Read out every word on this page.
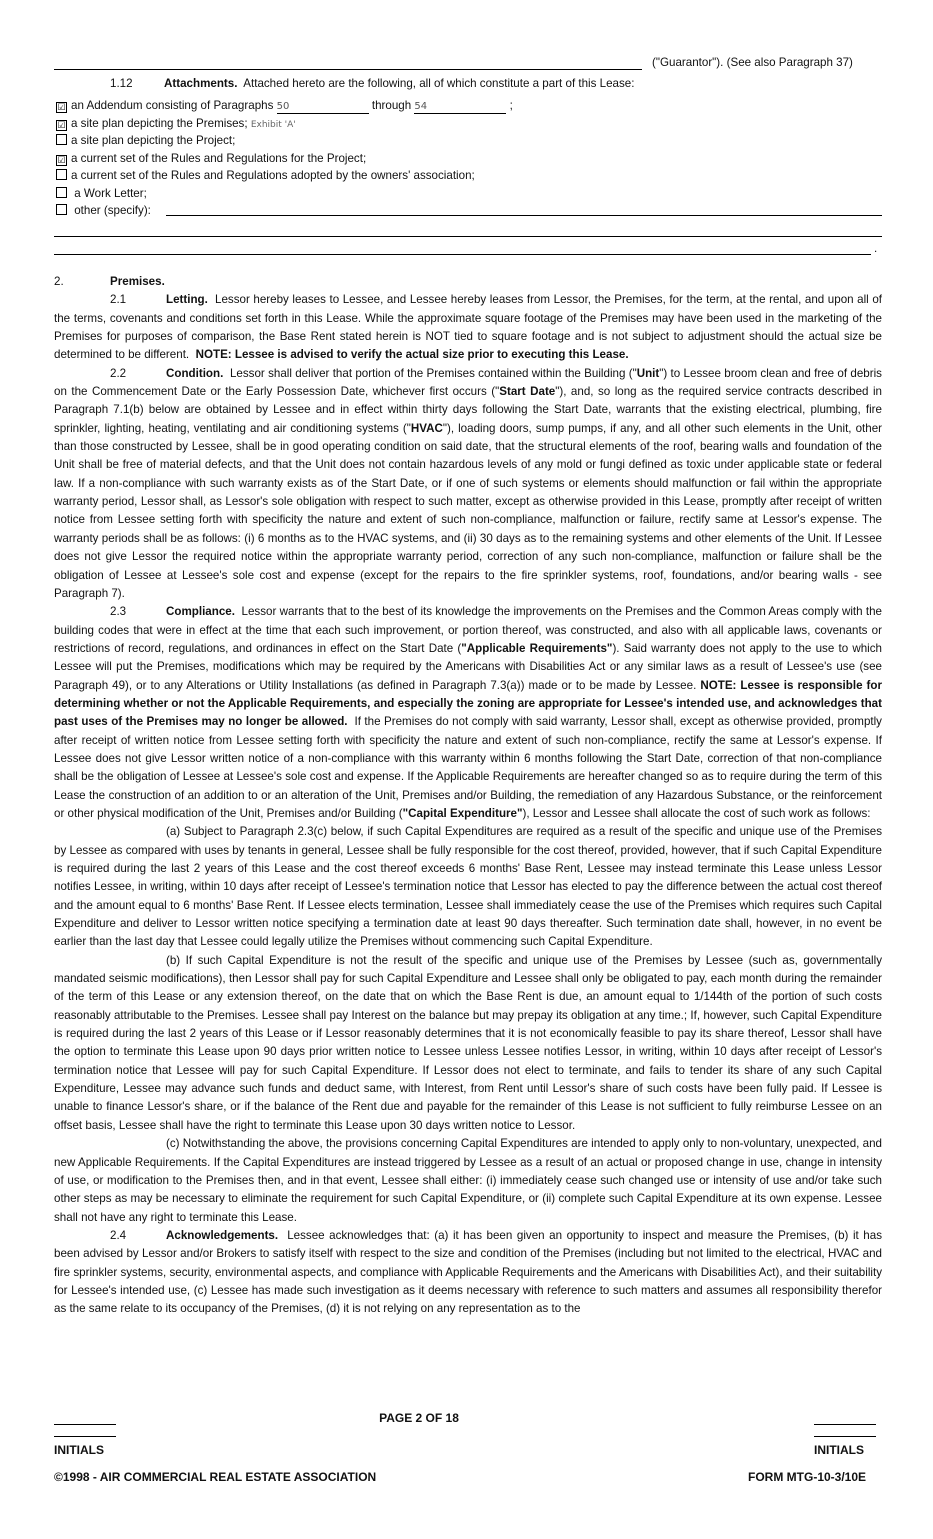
("Guarantor"). (See also Paragraph 37)
1.12	Attachments. Attached hereto are the following, all of which constitute a part of this Lease:
☑ an Addendum consisting of Paragraphs 50	through 54	;
☑ a site plan depicting the Premises; Exhibit 'A'
a site plan depicting the Project;
☑ a current set of the Rules and Regulations for the Project;
a current set of the Rules and Regulations adopted by the owners' association;
a Work Letter;
other (specify):
.

2.	Premises.

2.1	Letting. Lessor hereby leases to Lessee, and Lessee hereby leases from Lessor, the Premises, for the term, at the rental, and upon all of the terms, covenants and conditions set forth in this Lease. While the approximate square footage of the Premises may have been used in the marketing of the Premises for purposes of comparison, the Base Rent stated herein is NOT tied to square footage and is not subject to adjustment should the actual size be determined to be different. NOTE: Lessee is advised to verify the actual size prior to executing this Lease.

2.2	Condition. Lessor shall deliver that portion of the Premises contained within the Building ("Unit") to Lessee broom clean and free of debris on the Commencement Date or the Early Possession Date, whichever first occurs ("Start Date"), and, so long as the required service contracts described in Paragraph 7.1(b) below are obtained by Lessee and in effect within thirty days following the Start Date, warrants that the existing electrical, plumbing, fire sprinkler, lighting, heating, ventilating and air conditioning systems ("HVAC"), loading doors, sump pumps, if any, and all other such elements in the Unit, other than those constructed by Lessee, shall be in good operating condition on said date, that the structural elements of the roof, bearing walls and foundation of the Unit shall be free of material defects, and that the Unit does not contain hazardous levels of any mold or fungi defined as toxic under applicable state or federal law. If a non-compliance with such warranty exists as of the Start Date, or if one of such systems or elements should malfunction or fail within the appropriate warranty period, Lessor shall, as Lessor's sole obligation with respect to such matter, except as otherwise provided in this Lease, promptly after receipt of written notice from Lessee setting forth with specificity the nature and extent of such non-compliance, malfunction or failure, rectify same at Lessor's expense. The warranty periods shall be as follows: (i) 6 months as to the HVAC systems, and (ii) 30 days as to the remaining systems and other elements of the Unit. If Lessee does not give Lessor the required notice within the appropriate warranty period, correction of any such non-compliance, malfunction or failure shall be the obligation of Lessee at Lessee's sole cost and expense (except for the repairs to the fire sprinkler systems, roof, foundations, and/or bearing walls - see Paragraph 7).

2.3	Compliance. Lessor warrants that to the best of its knowledge the improvements on the Premises and the Common Areas comply with the building codes that were in effect at the time that each such improvement, or portion thereof, was constructed, and also with all applicable laws, covenants or restrictions of record, regulations, and ordinances in effect on the Start Date ("Applicable Requirements"). Said warranty does not apply to the use to which Lessee will put the Premises, modifications which may be required by the Americans with Disabilities Act or any similar laws as a result of Lessee's use (see Paragraph 49), or to any Alterations or Utility Installations (as defined in Paragraph 7.3(a)) made or to be made by Lessee. NOTE: Lessee is responsible for determining whether or not the Applicable Requirements, and especially the zoning are appropriate for Lessee's intended use, and acknowledges that past uses of the Premises may no longer be allowed. If the Premises do not comply with said warranty, Lessor shall, except as otherwise provided, promptly after receipt of written notice from Lessee setting forth with specificity the nature and extent of such non-compliance, rectify the same at Lessor's expense. If Lessee does not give Lessor written notice of a non-compliance with this warranty within 6 months following the Start Date, correction of that non-compliance shall be the obligation of Lessee at Lessee's sole cost and expense. If the Applicable Requirements are hereafter changed so as to require during the term of this Lease the construction of an addition to or an alteration of the Unit, Premises and/or Building, the remediation of any Hazardous Substance, or the reinforcement or other physical modification of the Unit, Premises and/or Building ("Capital Expenditure"), Lessor and Lessee shall allocate the cost of such work as follows:

(a) Subject to Paragraph 2.3(c) below, if such Capital Expenditures are required as a result of the specific and unique use of the Premises by Lessee as compared with uses by tenants in general, Lessee shall be fully responsible for the cost thereof, provided, however, that if such Capital Expenditure is required during the last 2 years of this Lease and the cost thereof exceeds 6 months' Base Rent, Lessee may instead terminate this Lease unless Lessor notifies Lessee, in writing, within 10 days after receipt of Lessee's termination notice that Lessor has elected to pay the difference between the actual cost thereof and the amount equal to 6 months' Base Rent. If Lessee elects termination, Lessee shall immediately cease the use of the Premises which requires such Capital Expenditure and deliver to Lessor written notice specifying a termination date at least 90 days thereafter. Such termination date shall, however, in no event be earlier than the last day that Lessee could legally utilize the Premises without commencing such Capital Expenditure.

(b) If such Capital Expenditure is not the result of the specific and unique use of the Premises by Lessee (such as, governmentally mandated seismic modifications), then Lessor shall pay for such Capital Expenditure and Lessee shall only be obligated to pay, each month during the remainder of the term of this Lease or any extension thereof, on the date that on which the Base Rent is due, an amount equal to 1/144th of the portion of such costs reasonably attributable to the Premises. Lessee shall pay Interest on the balance but may prepay its obligation at any time.; If, however, such Capital Expenditure is required during the last 2 years of this Lease or if Lessor reasonably determines that it is not economically feasible to pay its share thereof, Lessor shall have the option to terminate this Lease upon 90 days prior written notice to Lessee unless Lessee notifies Lessor, in writing, within 10 days after receipt of Lessor's termination notice that Lessee will pay for such Capital Expenditure. If Lessor does not elect to terminate, and fails to tender its share of any such Capital Expenditure, Lessee may advance such funds and deduct same, with Interest, from Rent until Lessor's share of such costs have been fully paid. If Lessee is unable to finance Lessor's share, or if the balance of the Rent due and payable for the remainder of this Lease is not sufficient to fully reimburse Lessee on an offset basis, Lessee shall have the right to terminate this Lease upon 30 days written notice to Lessor.

(c) Notwithstanding the above, the provisions concerning Capital Expenditures are intended to apply only to non-voluntary, unexpected, and new Applicable Requirements. If the Capital Expenditures are instead triggered by Lessee as a result of an actual or proposed change in use, change in intensity of use, or modification to the Premises then, and in that event, Lessee shall either: (i) immediately cease such changed use or intensity of use and/or take such other steps as may be necessary to eliminate the requirement for such Capital Expenditure, or (ii) complete such Capital Expenditure at its own expense. Lessee shall not have any right to terminate this Lease.

2.4	Acknowledgements. Lessee acknowledges that: (a) it has been given an opportunity to inspect and measure the Premises, (b) it has been advised by Lessor and/or Brokers to satisfy itself with respect to the size and condition of the Premises (including but not limited to the electrical, HVAC and fire sprinkler systems, security, environmental aspects, and compliance with Applicable Requirements and the Americans with Disabilities Act), and their suitability for Lessee's intended use, (c) Lessee has made such investigation as it deems necessary with reference to such matters and assumes all responsibility therefor as the same relate to its occupancy of the Premises, (d) it is not relying on any representation as to the

PAGE 2 OF 18
INITIALS	INITIALS
©1998 - AIR COMMERCIAL REAL ESTATE ASSOCIATION	FORM MTG-10-3/10E
